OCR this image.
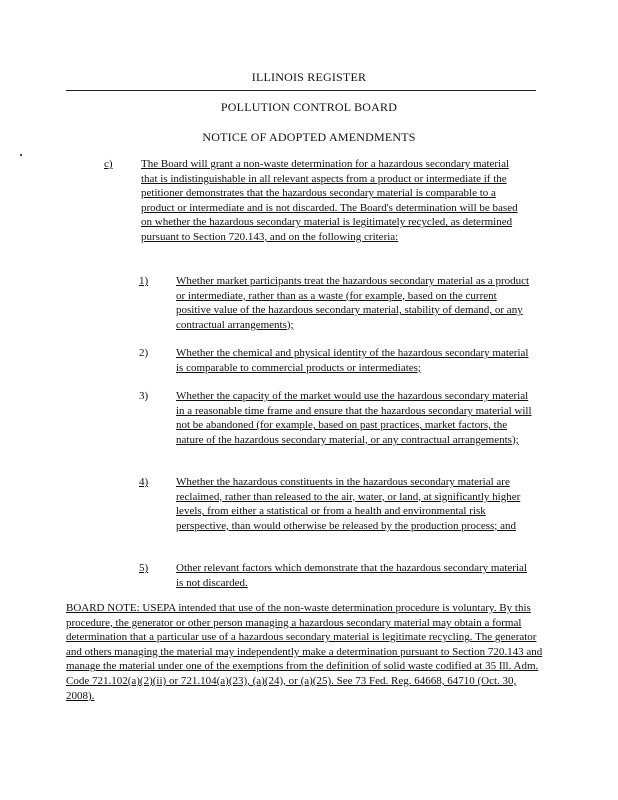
ILLINOIS REGISTER
POLLUTION CONTROL BOARD
NOTICE OF ADOPTED AMENDMENTS
c)	The Board will grant a non-waste determination for a hazardous secondary material that is indistinguishable in all relevant aspects from a product or intermediate if the petitioner demonstrates that the hazardous secondary material is comparable to a product or intermediate and is not discarded. The Board's determination will be based on whether the hazardous secondary material is legitimately recycled, as determined pursuant to Section 720.143, and on the following criteria:
1)	Whether market participants treat the hazardous secondary material as a product or intermediate, rather than as a waste (for example, based on the current positive value of the hazardous secondary material, stability of demand, or any contractual arrangements);
2)	Whether the chemical and physical identity of the hazardous secondary material is comparable to commercial products or intermediates;
3)	Whether the capacity of the market would use the hazardous secondary material in a reasonable time frame and ensure that the hazardous secondary material will not be abandoned (for example, based on past practices, market factors, the nature of the hazardous secondary material, or any contractual arrangements);
4)	Whether the hazardous constituents in the hazardous secondary material are reclaimed, rather than released to the air, water, or land, at significantly higher levels, from either a statistical or from a health and environmental risk perspective, than would otherwise be released by the production process; and
5)	Other relevant factors which demonstrate that the hazardous secondary material is not discarded.
BOARD NOTE: USEPA intended that use of the non-waste determination procedure is voluntary. By this procedure, the generator or other person managing a hazardous secondary material may obtain a formal determination that a particular use of a hazardous secondary material is legitimate recycling. The generator and others managing the material may independently make a determination pursuant to Section 720.143 and manage the material under one of the exemptions from the definition of solid waste codified at 35 Ill. Adm. Code 721.102(a)(2)(ii) or 721.104(a)(23), (a)(24), or (a)(25). See 73 Fed. Reg. 64668, 64710 (Oct. 30, 2008).
